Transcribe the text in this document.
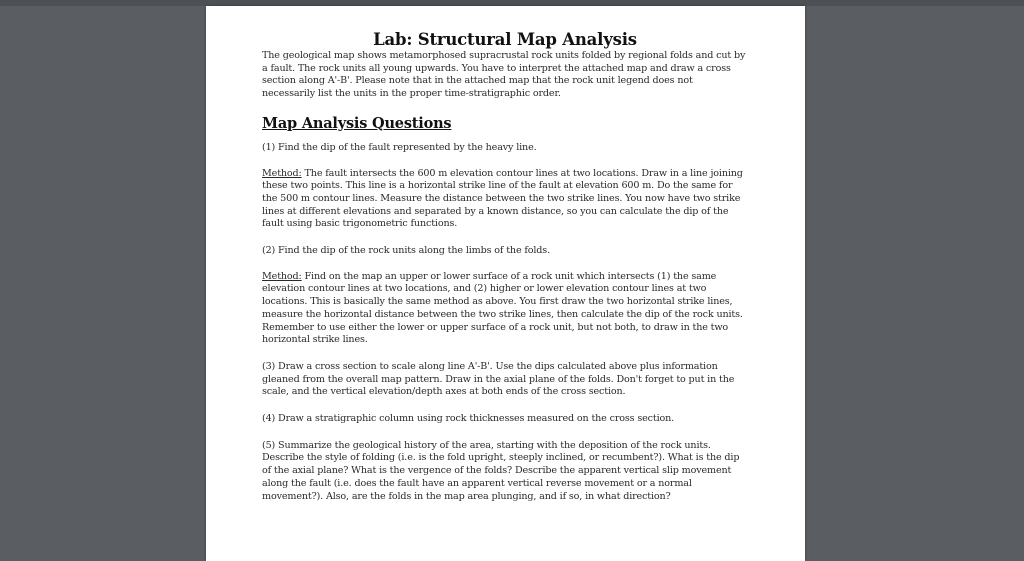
Lab: Structural Map Analysis

The geological map shows metamorphosed supracrustal rock units folded by regional folds and cut by a fault. The rock units all young upwards. You have to interpret the attached map and draw a cross section along A'-B'. Please note that in the attached map that the rock unit legend does not necessarily list the units in the proper time-stratigraphic order.

Map Analysis Questions

(1) Find the dip of the fault represented by the heavy line.

Method: The fault intersects the 600 m elevation contour lines at two locations. Draw in a line joining these two points. This line is a horizontal strike line of the fault at elevation 600 m. Do the same for the 500 m contour lines. Measure the distance between the two strike lines. You now have two strike lines at different elevations and separated by a known distance, so you can calculate the dip of the fault using basic trigonometric functions.

(2) Find the dip of the rock units along the limbs of the folds.

Method: Find on the map an upper or lower surface of a rock unit which intersects (1) the same elevation contour lines at two locations, and (2) higher or lower elevation contour lines at two locations. This is basically the same method as above. You first draw the two horizontal strike lines, measure the horizontal distance between the two strike lines, then calculate the dip of the rock units. Remember to use either the lower or upper surface of a rock unit, but not both, to draw in the two horizontal strike lines.

(3) Draw a cross section to scale along line A'-B'. Use the dips calculated above plus information gleaned from the overall map pattern. Draw in the axial plane of the folds. Don't forget to put in the scale, and the vertical elevation/depth axes at both ends of the cross section.

(4) Draw a stratigraphic column using rock thicknesses measured on the cross section.

(5) Summarize the geological history of the area, starting with the deposition of the rock units. Describe the style of folding (i.e. is the fold upright, steeply inclined, or recumbent?). What is the dip of the axial plane? What is the vergence of the folds? Describe the apparent vertical slip movement along the fault (i.e. does the fault have an apparent vertical reverse movement or a normal movement?). Also, are the folds in the map area plunging, and if so, in what direction?
